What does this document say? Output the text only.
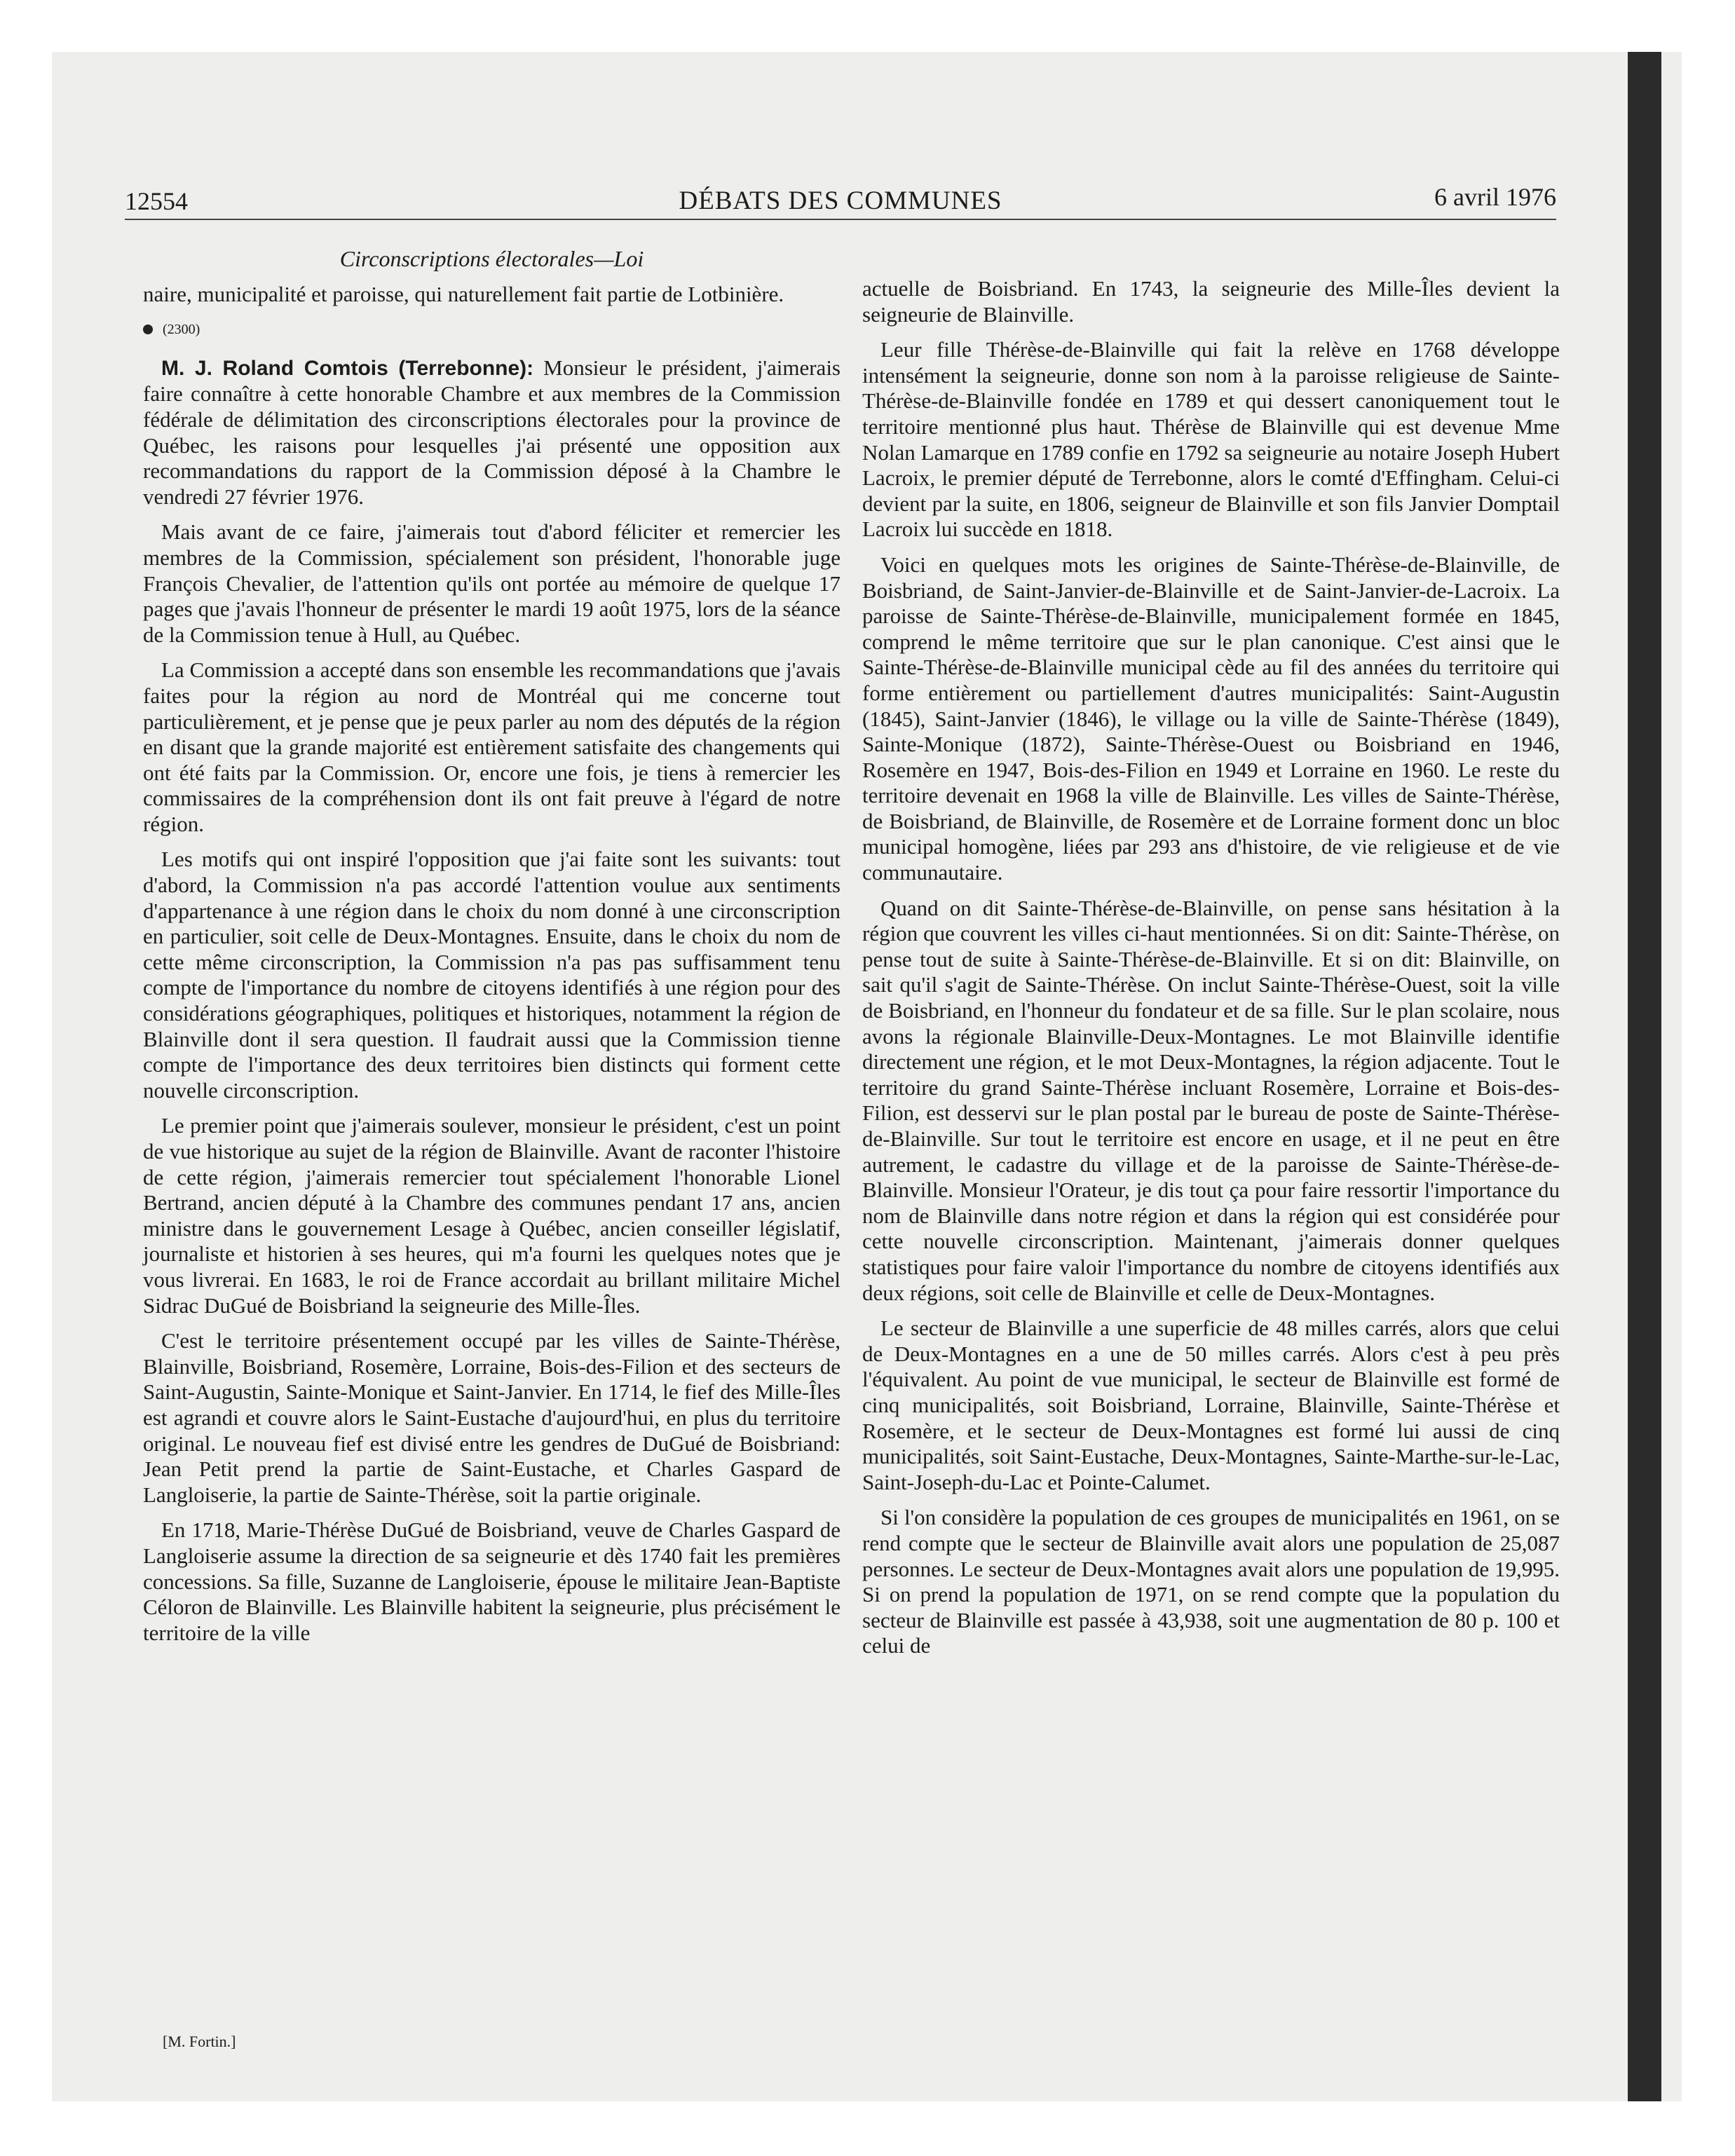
12554	DÉBATS DES COMMUNES	6 avril 1976
Circonscriptions électorales—Loi

naire, municipalité et paroisse, qui naturellement fait partie de Lotbinière.

(2300)

M. J. Roland Comtois (Terrebonne): Monsieur le président, j'aimerais faire connaître à cette honorable Chambre et aux membres de la Commission fédérale de délimitation des circonscriptions électorales pour la province de Québec, les raisons pour lesquelles j'ai présenté une opposition aux recommandations du rapport de la Commission déposé à la Chambre le vendredi 27 février 1976.

Mais avant de ce faire, j'aimerais tout d'abord féliciter et remercier les membres de la Commission, spécialement son président, l'honorable juge François Chevalier, de l'attention qu'ils ont portée au mémoire de quelque 17 pages que j'avais l'honneur de présenter le mardi 19 août 1975, lors de la séance de la Commission tenue à Hull, au Québec.

La Commission a accepté dans son ensemble les recommandations que j'avais faites pour la région au nord de Montréal qui me concerne tout particulièrement, et je pense que je peux parler au nom des députés de la région en disant que la grande majorité est entièrement satisfaite des changements qui ont été faits par la Commission. Or, encore une fois, je tiens à remercier les commissaires de la compréhension dont ils ont fait preuve à l'égard de notre région.

Les motifs qui ont inspiré l'opposition que j'ai faite sont les suivants: tout d'abord, la Commission n'a pas accordé l'attention voulue aux sentiments d'appartenance à une région dans le choix du nom donné à une circonscription en particulier, soit celle de Deux-Montagnes. Ensuite, dans le choix du nom de cette même circonscription, la Commission n'a pas pas suffisamment tenu compte de l'importance du nombre de citoyens identifiés à une région pour des considérations géographiques, politiques et historiques, notamment la région de Blainville dont il sera question. Il faudrait aussi que la Commission tienne compte de l'importance des deux territoires bien distincts qui forment cette nouvelle circonscription.

Le premier point que j'aimerais soulever, monsieur le président, c'est un point de vue historique au sujet de la région de Blainville. Avant de raconter l'histoire de cette région, j'aimerais remercier tout spécialement l'honorable Lionel Bertrand, ancien député à la Chambre des communes pendant 17 ans, ancien ministre dans le gouvernement Lesage à Québec, ancien conseiller législatif, journaliste et historien à ses heures, qui m'a fourni les quelques notes que je vous livrerai. En 1683, le roi de France accordait au brillant militaire Michel Sidrac DuGué de Boisbriand la seigneurie des Mille-Îles.

C'est le territoire présentement occupé par les villes de Sainte-Thérèse, Blainville, Boisbriand, Rosemère, Lorraine, Bois-des-Filion et des secteurs de Saint-Augustin, Sainte-Monique et Saint-Janvier. En 1714, le fief des Mille-Îles est agrandi et couvre alors le Saint-Eustache d'aujourd'hui, en plus du territoire original. Le nouveau fief est divisé entre les gendres de DuGué de Boisbriand: Jean Petit prend la partie de Saint-Eustache, et Charles Gaspard de Langloiserie, la partie de Sainte-Thérèse, soit la partie originale.

En 1718, Marie-Thérèse DuGué de Boisbriand, veuve de Charles Gaspard de Langloiserie assume la direction de sa seigneurie et dès 1740 fait les premières concessions. Sa fille, Suzanne de Langloiserie, épouse le militaire Jean-Baptiste Céloron de Blainville. Les Blainville habitent la seigneurie, plus précisément le territoire de la ville

actuelle de Boisbriand. En 1743, la seigneurie des Mille-Îles devient la seigneurie de Blainville.

Leur fille Thérèse-de-Blainville qui fait la relève en 1768 développe intensément la seigneurie, donne son nom à la paroisse religieuse de Sainte-Thérèse-de-Blainville fondée en 1789 et qui dessert canoniquement tout le territoire mentionné plus haut. Thérèse de Blainville qui est devenue Mme Nolan Lamarque en 1789 confie en 1792 sa seigneurie au notaire Joseph Hubert Lacroix, le premier député de Terrebonne, alors le comté d'Effingham. Celui-ci devient par la suite, en 1806, seigneur de Blainville et son fils Janvier Domptail Lacroix lui succède en 1818.

Voici en quelques mots les origines de Sainte-Thérèse-de-Blainville, de Boisbriand, de Saint-Janvier-de-Blainville et de Saint-Janvier-de-Lacroix. La paroisse de Sainte-Thérèse-de-Blainville, municipalement formée en 1845, comprend le même territoire que sur le plan canonique. C'est ainsi que le Sainte-Thérèse-de-Blainville municipal cède au fil des années du territoire qui forme entièrement ou partiellement d'autres municipalités: Saint-Augustin (1845), Saint-Janvier (1846), le village ou la ville de Sainte-Thérèse (1849), Sainte-Monique (1872), Sainte-Thérèse-Ouest ou Boisbriand en 1946, Rosemère en 1947, Bois-des-Filion en 1949 et Lorraine en 1960. Le reste du territoire devenait en 1968 la ville de Blainville. Les villes de Sainte-Thérèse, de Boisbriand, de Blainville, de Rosemère et de Lorraine forment donc un bloc municipal homogène, liées par 293 ans d'histoire, de vie religieuse et de vie communautaire.

Quand on dit Sainte-Thérèse-de-Blainville, on pense sans hésitation à la région que couvrent les villes ci-haut mentionnées. Si on dit: Sainte-Thérèse, on pense tout de suite à Sainte-Thérèse-de-Blainville. Et si on dit: Blainville, on sait qu'il s'agit de Sainte-Thérèse. On inclut Sainte-Thérèse-Ouest, soit la ville de Boisbriand, en l'honneur du fondateur et de sa fille. Sur le plan scolaire, nous avons la régionale Blainville-Deux-Montagnes. Le mot Blainville identifie directement une région, et le mot Deux-Montagnes, la région adjacente. Tout le territoire du grand Sainte-Thérèse incluant Rosemère, Lorraine et Bois-des-Filion, est desservi sur le plan postal par le bureau de poste de Sainte-Thérèse-de-Blainville. Sur tout le territoire est encore en usage, et il ne peut en être autrement, le cadastre du village et de la paroisse de Sainte-Thérèse-de-Blainville. Monsieur l'Orateur, je dis tout ça pour faire ressortir l'importance du nom de Blainville dans notre région et dans la région qui est considérée pour cette nouvelle circonscription. Maintenant, j'aimerais donner quelques statistiques pour faire valoir l'importance du nombre de citoyens identifiés aux deux régions, soit celle de Blainville et celle de Deux-Montagnes.

Le secteur de Blainville a une superficie de 48 milles carrés, alors que celui de Deux-Montagnes en a une de 50 milles carrés. Alors c'est à peu près l'équivalent. Au point de vue municipal, le secteur de Blainville est formé de cinq municipalités, soit Boisbriand, Lorraine, Blainville, Sainte-Thérèse et Rosemère, et le secteur de Deux-Montagnes est formé lui aussi de cinq municipalités, soit Saint-Eustache, Deux-Montagnes, Sainte-Marthe-sur-le-Lac, Saint-Joseph-du-Lac et Pointe-Calumet.

Si l'on considère la population de ces groupes de municipalités en 1961, on se rend compte que le secteur de Blainville avait alors une population de 25,087 personnes. Le secteur de Deux-Montagnes avait alors une population de 19,995. Si on prend la population de 1971, on se rend compte que la population du secteur de Blainville est passée à 43,938, soit une augmentation de 80 p. 100 et celui de

[M. Fortin.]
